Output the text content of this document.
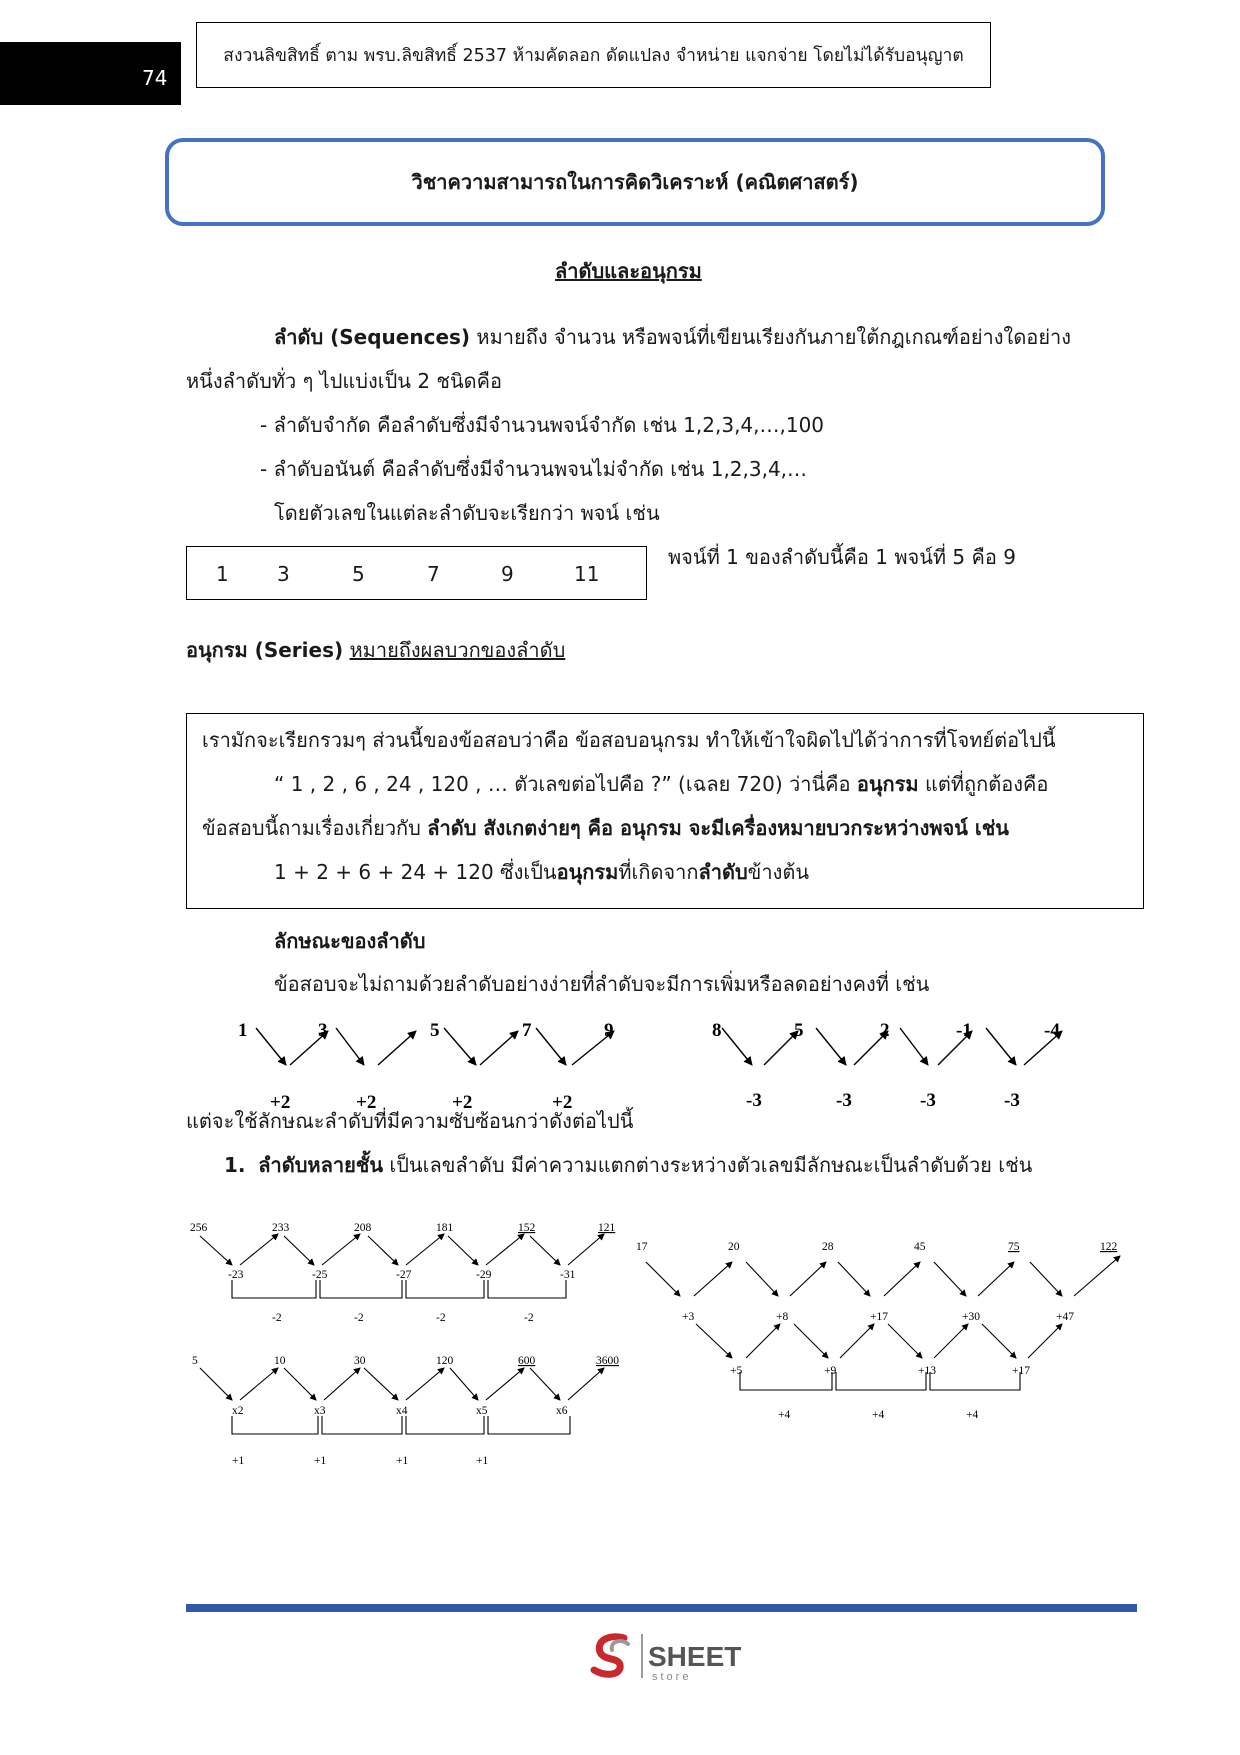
74
สงวนลิขสิทธิ์ ตาม พรบ.ลิขสิทธิ์ 2537 ห้ามคัดลอก ดัดแปลง จำหน่าย แจกจ่าย โดยไม่ได้รับอนุญาต
วิชาความสามารถในการคิดวิเคราะห์ (คณิตศาสตร์)
ลำดับและอนุกรม
ลำดับ (Sequences) หมายถึง จำนวน หรือพจน์ที่เขียนเรียงกันภายใต้กฎเกณฑ์อย่างใดอย่าง
หนึ่งลำดับทั่ว ๆ ไปแบ่งเป็น 2 ชนิดคือ
- ลำดับจำกัด คือลำดับซึ่งมีจำนวนพจน์จำกัด เช่น 1,2,3,4,…,100
- ลำดับอนันต์ คือลำดับซึ่งมีจำนวนพจนไม่จำกัด เช่น 1,2,3,4,…
โดยตัวเลขในแต่ละลำดับจะเรียกว่า พจน์ เช่น
1 3	5	7	9	11
พจน์ที่ 1 ของลำดับนี้คือ 1 พจน์ที่ 5 คือ 9
อนุกรม (Series) หมายถึงผลบวกของลำดับ
เรามักจะเรียกรวมๆ ส่วนนี้ของข้อสอบว่าคือ ข้อสอบอนุกรม ทำให้เข้าใจผิดไปได้ว่าการที่โจทย์ต่อไปนี้
“ 1 , 2 , 6 , 24 , 120 , … ตัวเลขต่อไปคือ ?” (เฉลย 720) ว่านี่คือ อนุกรม แต่ที่ถูกต้องคือ
ข้อสอบนี้ถามเรื่องเกี่ยวกับ ลำดับ สังเกตง่ายๆ คือ อนุกรม จะมีเครื่องหมายบวกระหว่างพจน์ เช่น
1 + 2 + 6 + 24 + 120 ซึ่งเป็นอนุกรมที่เกิดจากลำดับข้างต้น
ลักษณะของลำดับ
ข้อสอบจะไม่ถามด้วยลำดับอย่างง่ายที่ลำดับจะมีการเพิ่มหรือลดอย่างคงที่ เช่น
1	3	5	7	9
+2	+2	+2	+2
8	5	2	-1	-4
-3	-3	-3	-3
แต่จะใช้ลักษณะลำดับที่มีความซับซ้อนกว่าดังต่อไปนี้
1. ลำดับหลายชั้น เป็นเลขลำดับ มีค่าความแตกต่างระหว่างตัวเลขมีลักษณะเป็นลำดับด้วย เช่น
256	233	208	181	152	121
-23	-25	-27	-29	-31
-2	-2	-2	-2
5	10	30	120	600	3600
x2	x3	x4	x5	x6
+1	+1	+1	+1
17	20	28	45	75	122
+3	+8	+17	+30	+47
+5	+9	+13	+17
+4	+4	+4
SHEET
store
